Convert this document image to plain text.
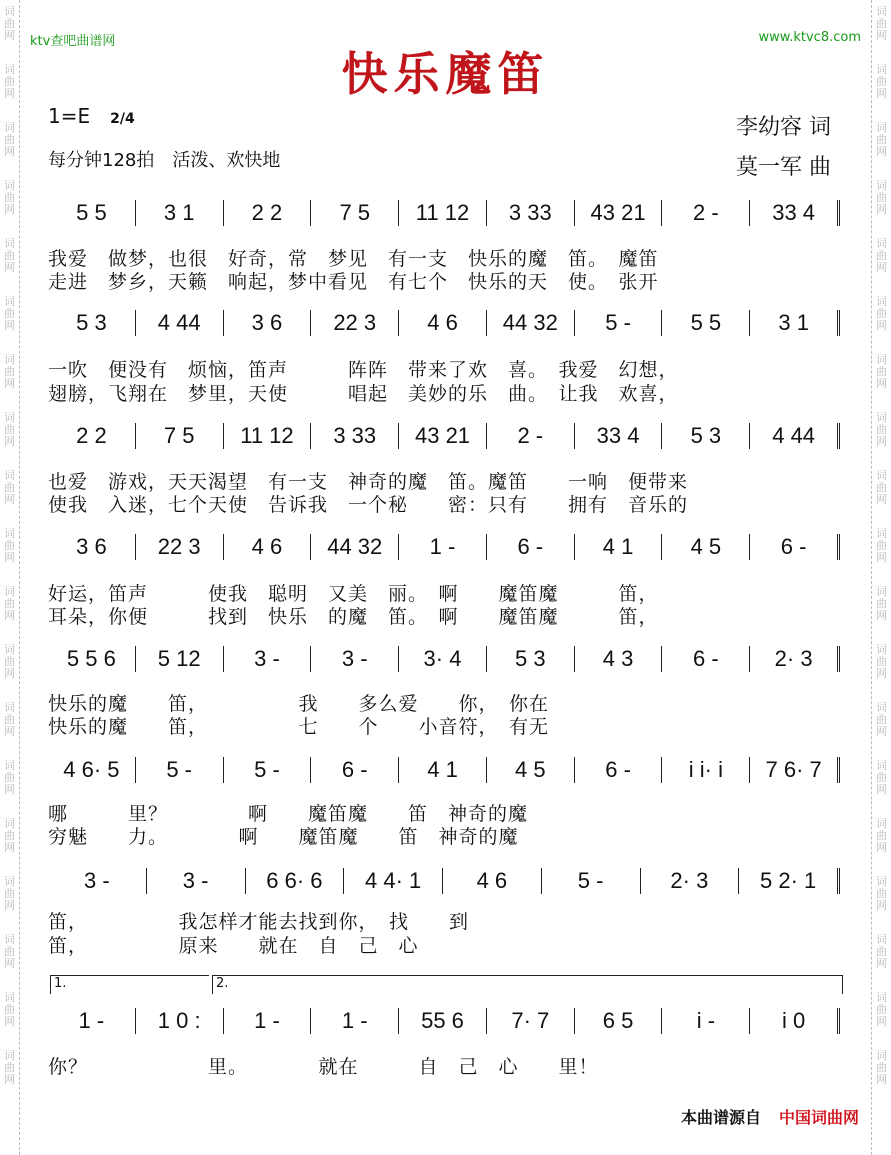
词
曲
网
词
曲
网
词
曲
网
词
曲
网
词
曲
网
词
曲
网
词
曲
网
词
曲
网
词
曲
网
词
曲
网
词
曲
网
词
曲
网
词
曲
网
词
曲
网
词
曲
网
词
曲
网
词
曲
网
词
曲
网
词
曲
网
词
曲
网
词
曲
网
词
曲
网
词
曲
网
词
曲
网
词
曲
网
词
曲
网
词
曲
网
词
曲
网
词
曲
网
词
曲
网
词
曲
网
词
曲
网
词
曲
网
词
曲
网
词
曲
网
词
曲
网
词
曲
网
词
曲
网
ktv查吧曲谱网	www.ktvc8.com
快乐魔笛
1=E　 2/4
每分钟128拍　活泼、欢快地
李幼容 词
莫一军 曲
5 5	3 1	2 2	7 5	11 12	3 33	43 21	2 -	33 4
我爱　做梦，也很　好奇，常　梦见　有一支　快乐的魔　笛。　魔笛
走进　梦乡，天籁　响起，梦中看见　有七个　快乐的天　使。　张开
5 3	4 44	3 6	22 3	4 6	44 32	5 -	5 5	3 1
一吹　便没有　烦恼，笛声　　　阵阵　带来了欢　喜。　我爱　幻想，
翅膀，飞翔在　梦里，天使　　　唱起　美妙的乐　曲。　让我　欢喜，
2 2	7 5	11 12	3 33	43 21	2 -	33 4	5 3	4 44
也爱　游戏，天天渴望　有一支　神奇的魔　笛。魔笛　　一响　便带来
使我　入迷，七个天使　告诉我　一个秘　　密：只有　　拥有　音乐的
3 6	22 3	4 6	44 32	1 -	6 -	4 1	4 5	6 -
好运，笛声　　　使我　聪明　又美　丽。　啊　　魔笛魔　　　笛，
耳朵，你便　　　找到　快乐　的魔　笛。　啊　　魔笛魔　　　笛，
5 5 6	5 12	3 -	3 -	3· 4	5 3	4 3	6 -	2· 3
快乐的魔　　笛，　　　　　我　　多么爱　　你，　你在
快乐的魔　　笛，　　　　　七　　个　　小音符，　有无
4 6· 5	5 -	5 -	6 -	4 1	4 5	6 -	i i· i	7 6· 7
哪　　　里？　　　　啊　　魔笛魔　　笛　神奇的魔
穷魅　　力。　　　　啊　　魔笛魔　　笛　神奇的魔
3 -	3 -	6 6· 6	4 4· 1	4 6	5 -	2· 3	5 2· 1
笛，　　　　　我怎样才能去找到你，　找　　到
笛，　　　　　原来　　就在　自　己　心
1 -	1 0 :	1 -	1 -	55 6	7· 7	6 5	i -	i 0
你？　　　　　　里。　　　　就在　　　自　己　心　　里！
1.	2.
本曲谱源自 中国词曲网
